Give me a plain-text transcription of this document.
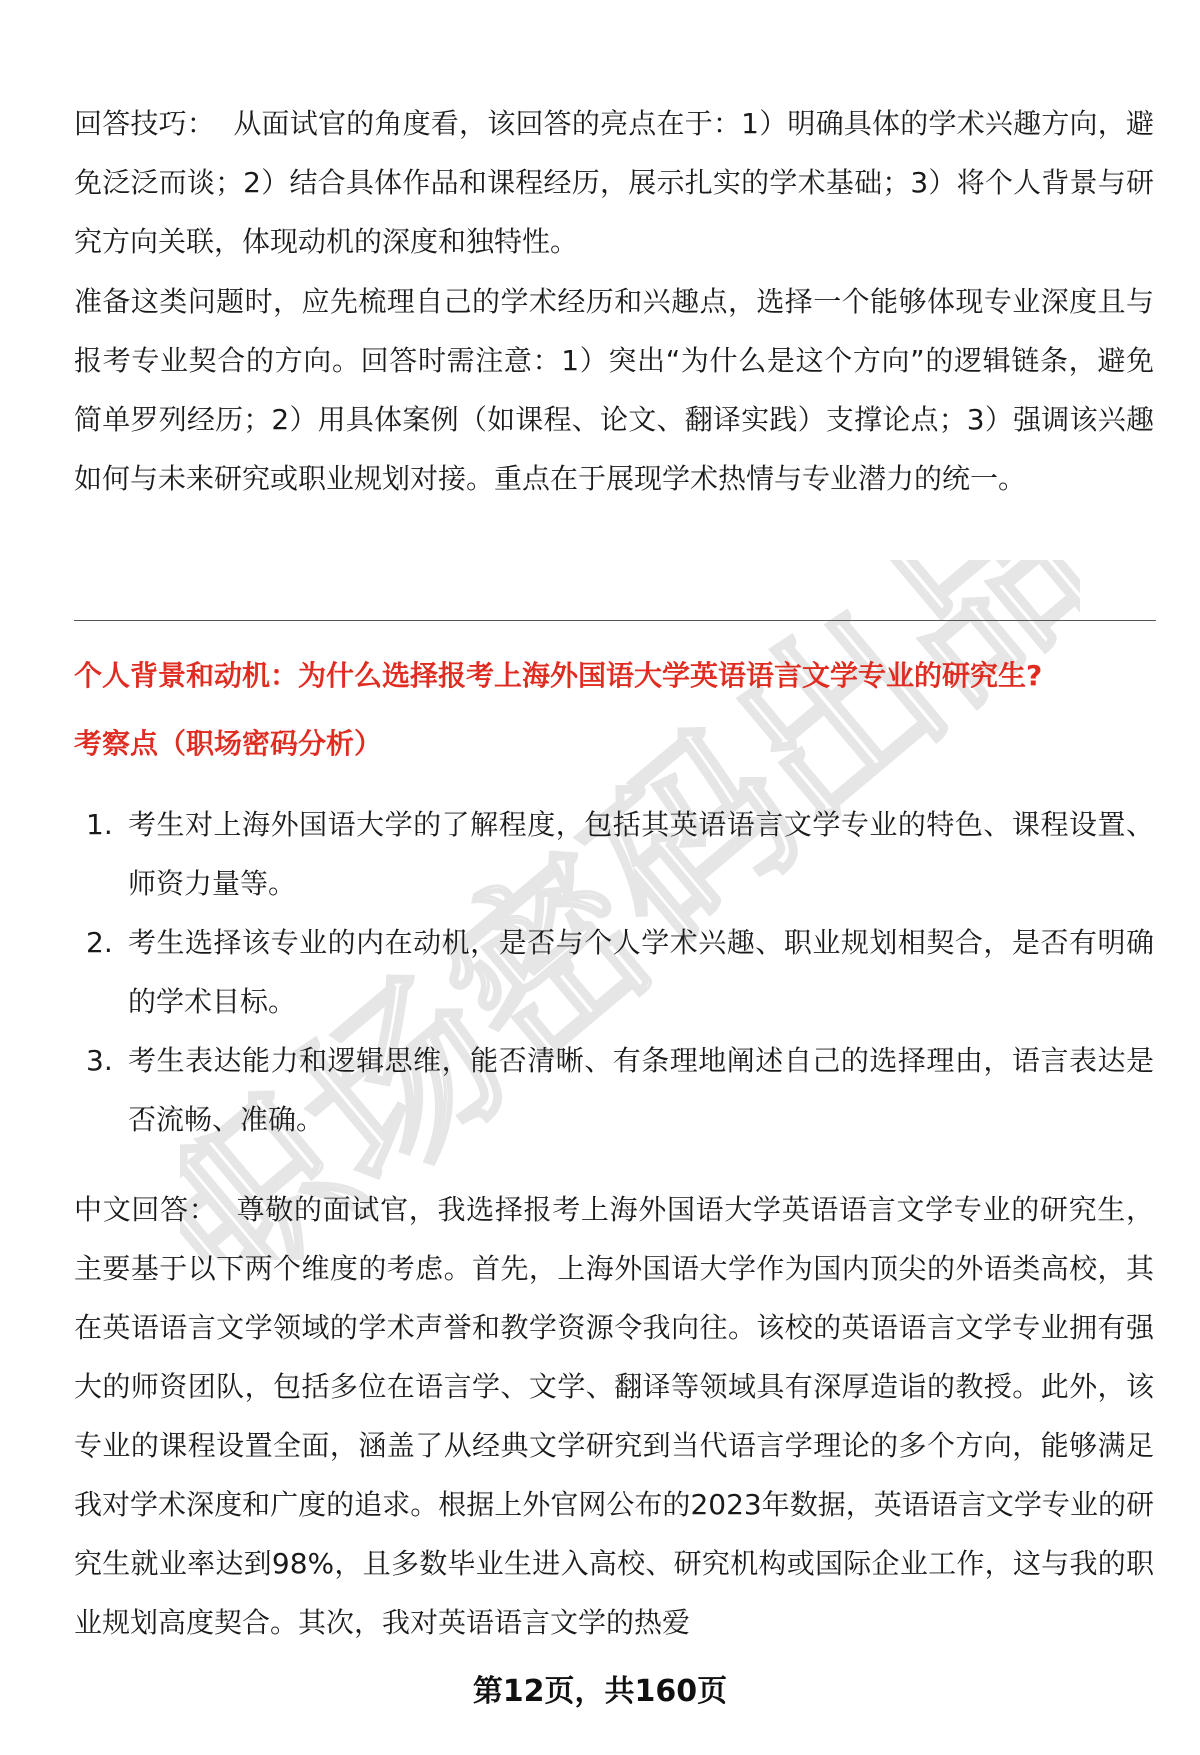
职场密码出品

回答技巧： 从面试官的角度看，该回答的亮点在于：1）明确具体的学术兴趣方向，避免泛泛而谈；2）结合具体作品和课程经历，展示扎实的学术基础；3）将个人背景与研究方向关联，体现动机的深度和独特性。

准备这类问题时，应先梳理自己的学术经历和兴趣点，选择一个能够体现专业深度且与报考专业契合的方向。回答时需注意：1）突出“为什么是这个方向”的逻辑链条，避免简单罗列经历；2）用具体案例（如课程、论文、翻译实践）支撑论点；3）强调该兴趣如何与未来研究或职业规划对接。重点在于展现学术热情与专业潜力的统一。

个人背景和动机：为什么选择报考上海外国语大学英语语言文学专业的研究生?

考察点（职场密码分析）

1. 考生对上海外国语大学的了解程度，包括其英语语言文学专业的特色、课程设置、师资力量等。
2. 考生选择该专业的内在动机，是否与个人学术兴趣、职业规划相契合，是否有明确的学术目标。
3. 考生表达能力和逻辑思维，能否清晰、有条理地阐述自己的选择理由，语言表达是否流畅、准确。

中文回答： 尊敬的面试官，我选择报考上海外国语大学英语语言文学专业的研究生，主要基于以下两个维度的考虑。首先，上海外国语大学作为国内顶尖的外语类高校，其在英语语言文学领域的学术声誉和教学资源令我向往。该校的英语语言文学专业拥有强大的师资团队，包括多位在语言学、文学、翻译等领域具有深厚造诣的教授。此外，该专业的课程设置全面，涵盖了从经典文学研究到当代语言学理论的多个方向，能够满足我对学术深度和广度的追求。根据上外官网公布的2023年数据，英语语言文学专业的研究生就业率达到98%，且多数毕业生进入高校、研究机构或国际企业工作，这与我的职业规划高度契合。其次，我对英语语言文学的热爱

第12页，共160页
